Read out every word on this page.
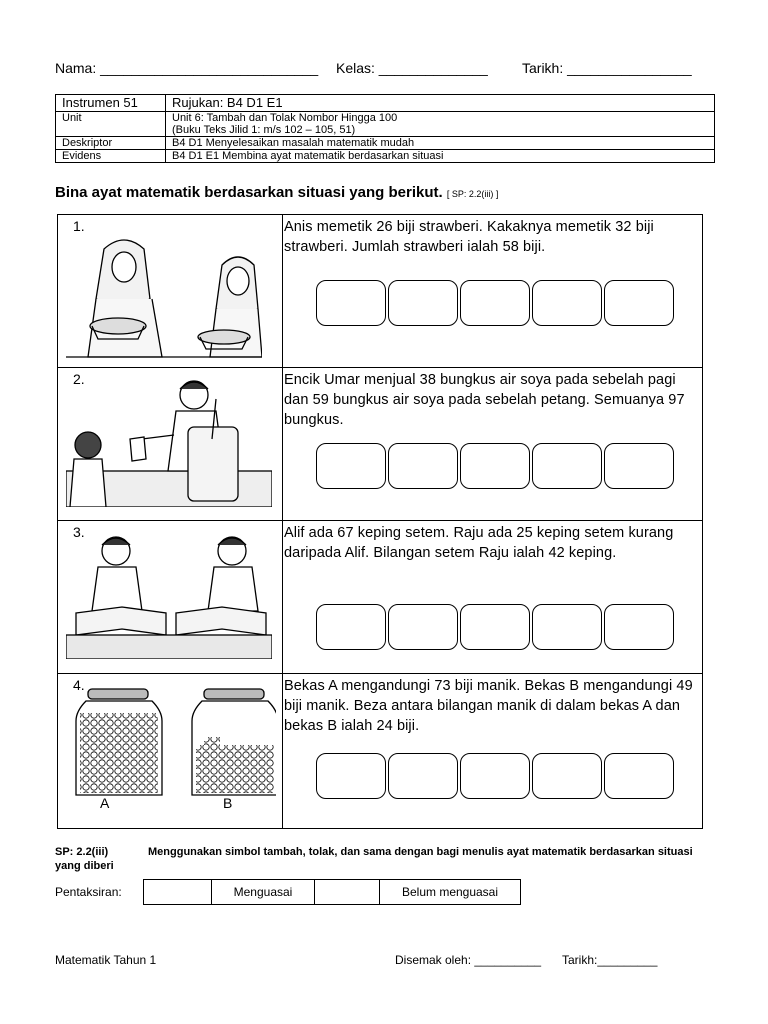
Nama: ____________________________ Kelas: ______________ Tarikh: ________________
Instrumen 51	Rujukan: B4 D1 E1
Unit	Unit 6: Tambah dan Tolak Nombor Hingga 100
(Buku Teks Jilid 1: m/s 102 – 105, 51)

Deskriptor	B4 D1 Menyelesaikan masalah matematik mudah
Evidens	B4 D1 E1 Membina ayat matematik berdasarkan situasi
Bina ayat matematik berdasarkan situasi yang berikut. [ SP: 2.2(iii) ]
1.	Anis memetik 26 biji strawberi. Kakaknya memetik 32 biji strawberi. Jumlah strawberi ialah 58 biji.
2.	Encik Umar menjual 38 bungkus air soya pada sebelah pagi dan 59 bungkus air soya pada sebelah petang. Semuanya 97 bungkus.
3.	Alif ada 67 keping setem. Raju ada 25 keping setem kurang daripada Alif. Bilangan setem Raju ialah 42 keping.
4.
A	B
Bekas A mengandungi 73 biji manik. Bekas B mengandungi 49 biji manik. Beza antara bilangan manik di dalam bekas A dan bekas B ialah 24 biji.
SP: 2.2(iii)	Menggunakan simbol tambah, tolak, dan sama dengan bagi menulis ayat matematik berdasarkan situasi yang diberi
Pentaksiran:	Menguasai	Belum menguasai
Matematik Tahun 1	Disemak oleh: __________ Tarikh:_________
